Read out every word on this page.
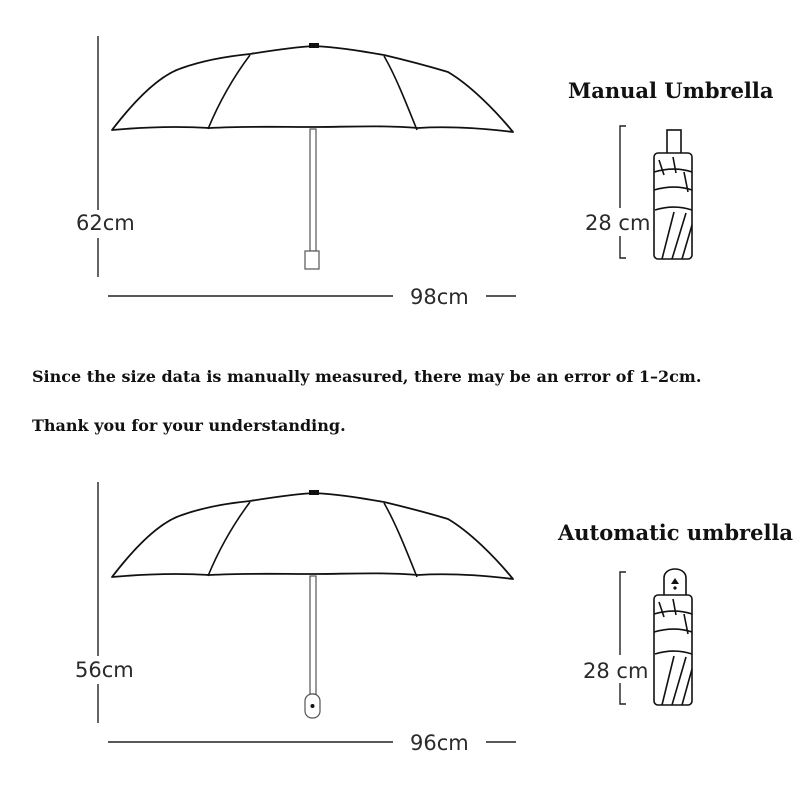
62cm
98cm
Manual Umbrella
28 cm
Since the size data is manually measured, there may be an error of 1–2cm.
Thank you for your understanding.
56cm
96cm
Automatic umbrella
28 cm
